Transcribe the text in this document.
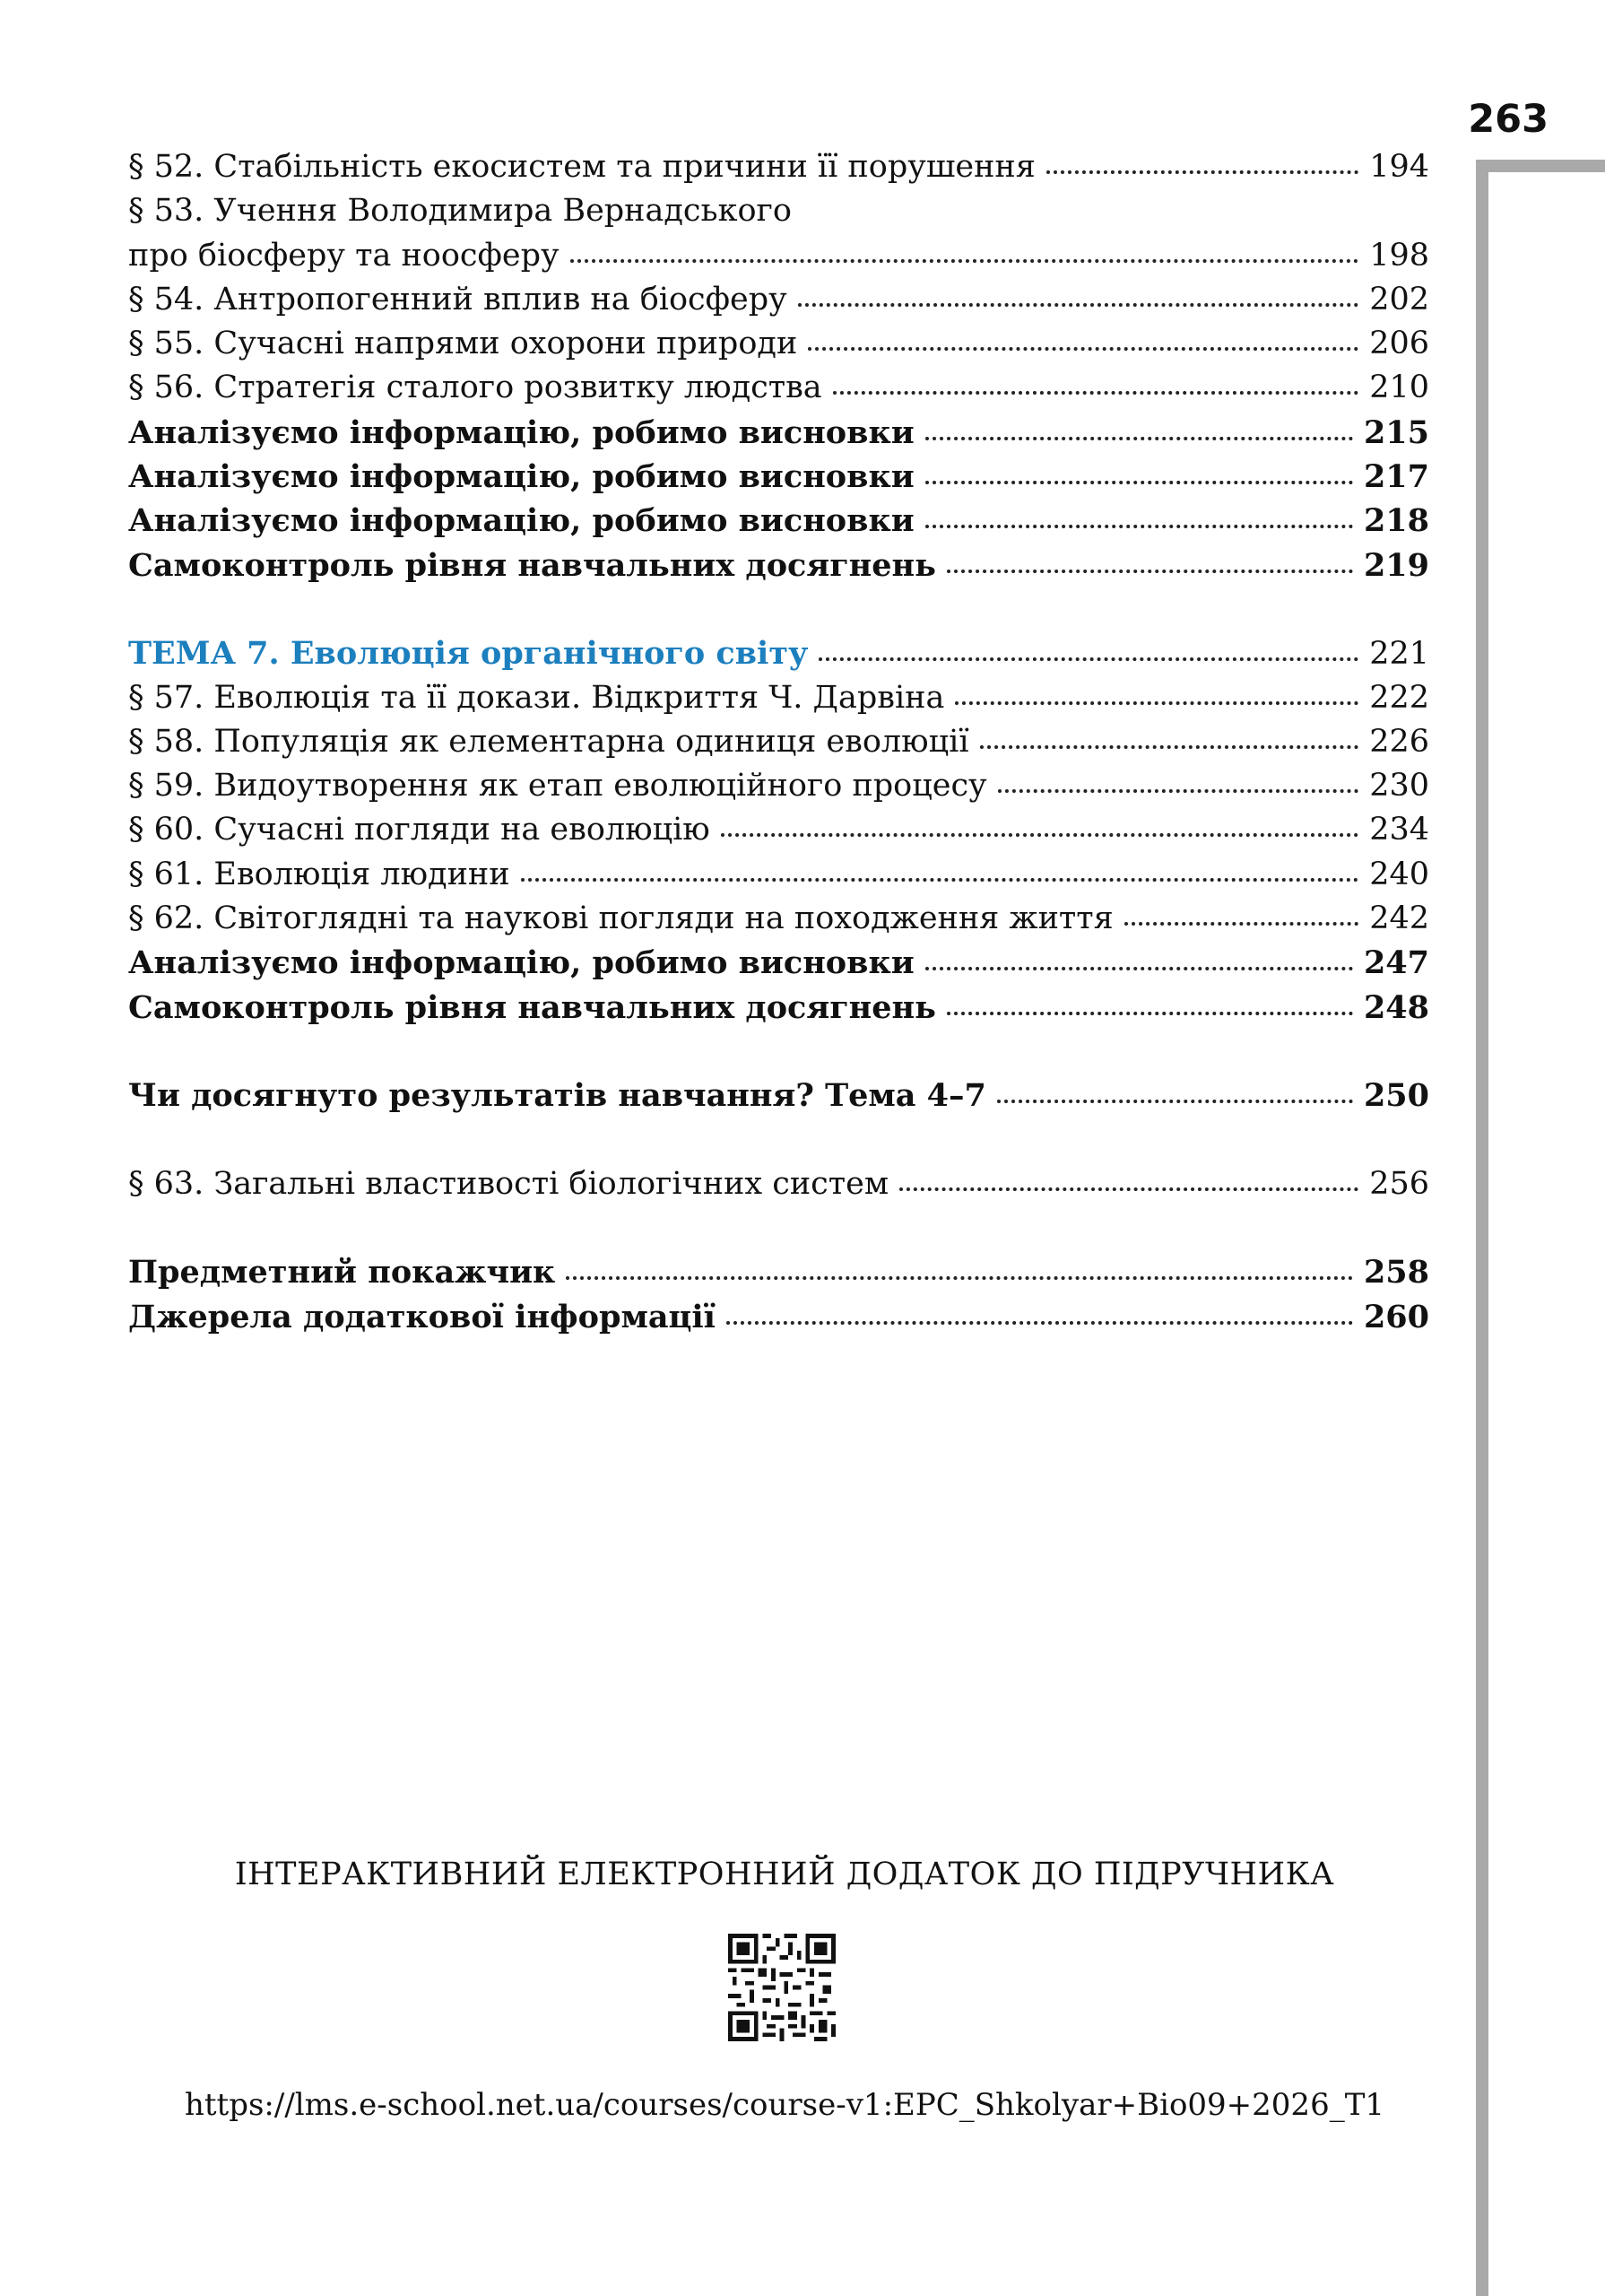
263
§ 52. Стабільність екосистем та причини її порушення	194
§ 53. Учення Володимира Вернадського
про біосферу та ноосферу	198
§ 54. Антропогенний вплив на біосферу	202
§ 55. Сучасні напрями охорони природи	206
§ 56. Стратегія сталого розвитку людства	210
Аналізуємо інформацію, робимо висновки	215
Аналізуємо інформацію, робимо висновки	217
Аналізуємо інформацію, робимо висновки	218
Самоконтроль рівня навчальних досягнень	219
ТЕМА 7. Еволюція органічного світу	221
§ 57. Еволюція та її докази. Відкриття Ч. Дарвіна	222
§ 58. Популяція як елементарна одиниця еволюції	226
§ 59. Видоутворення як етап еволюційного процесу	230
§ 60. Сучасні погляди на еволюцію	234
§ 61. Еволюція людини	240
§ 62. Світоглядні та наукові погляди на походження життя	242
Аналізуємо інформацію, робимо висновки	247
Самоконтроль рівня навчальних досягнень	248
Чи досягнуто результатів навчання? Тема 4–7	250
§ 63. Загальні властивості біологічних систем	256
Предметний покажчик	258
Джерела додаткової інформації	260
ІНТЕРАКТИВНИЙ ЕЛЕКТРОННИЙ ДОДАТОК ДО ПІДРУЧНИКА
https://lms.e-school.net.ua/courses/course-v1:EPC_Shkolyar+Bio09+2026_T1
